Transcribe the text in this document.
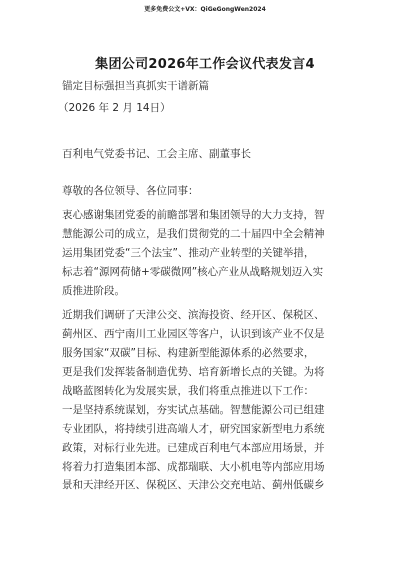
更多免费公文+VX：QiGeGongWen2024
集团公司2026年工作会议代表发言4
锚定目标强担当真抓实干谱新篇
（2026 年 2 月 14日）
百利电气党委书记、工会主席、副董事长
尊敬的各位领导、各位同事：
衷心感谢集团党委的前瞻部署和集团领导的大力支持，智
慧能源公司的成立，是我们贯彻党的二十届四中全会精神
运用集团党委“三个法宝”、推动产业转型的关键举措，
标志着“源网荷储+零碳微网”核心产业从战略规划迈入实
质推进阶段。
近期我们调研了天津公交、滨海投资、经开区、保税区、
蓟州区、西宁南川工业园区等客户，认识到该产业不仅是
服务国家“双碳”目标、构建新型能源体系的必然要求，
更是我们发挥装备制造优势、培育新增长点的关键。为将
战略蓝图转化为发展实景，我们将重点推进以下工作：
一是坚持系统谋划，夯实试点基础。智慧能源公司已组建
专业团队，将持续引进高端人才，研究国家新型电力系统
政策，对标行业先进。已建成百利电气本部应用场景，并
将着力打造集团本部、成都瑞联、大小机电等内部应用场
景和天津经开区、保税区、天津公交充电站、蓟州低碳乡
